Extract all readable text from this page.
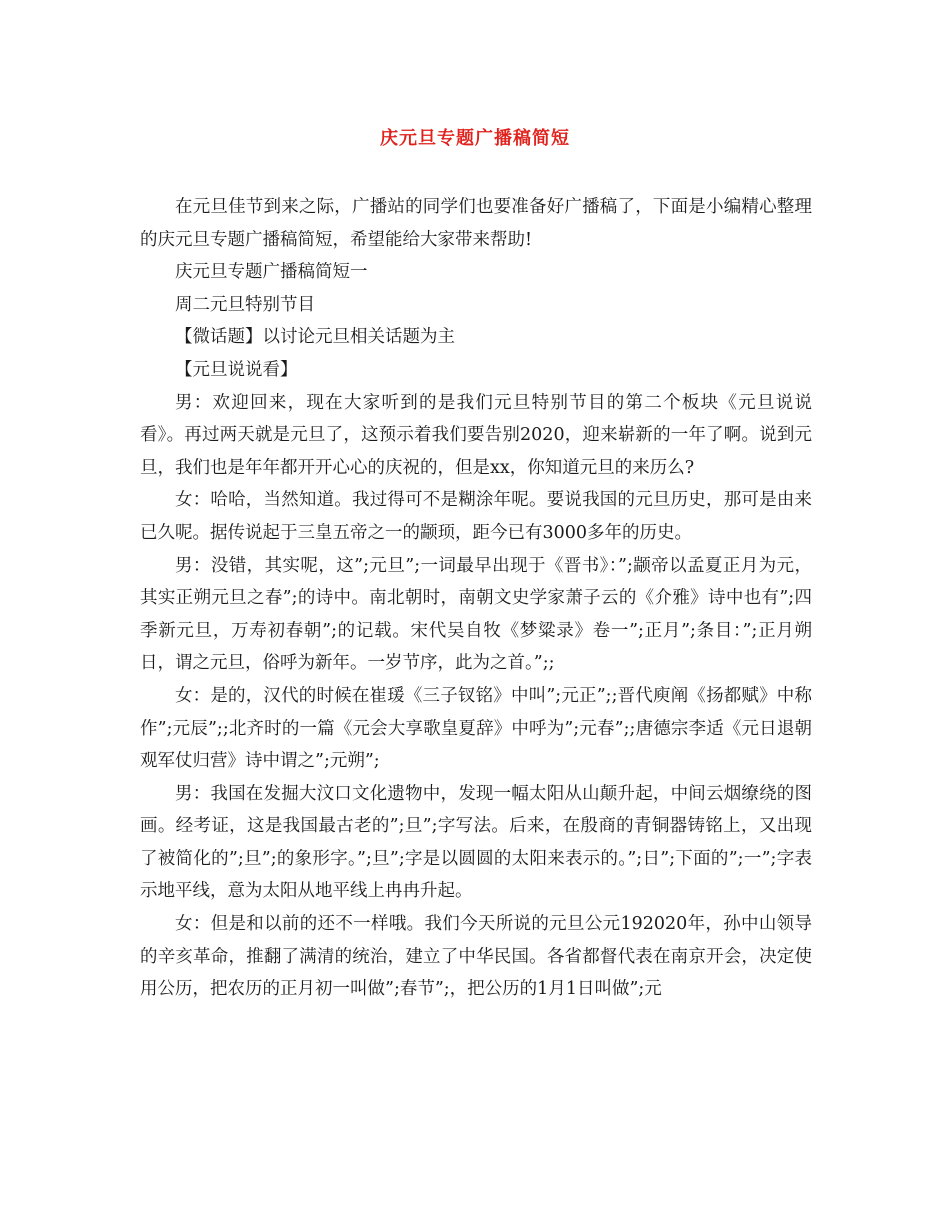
庆元旦专题广播稿简短

在元旦佳节到来之际，广播站的同学们也要准备好广播稿了，下面是小编精心整理的庆元旦专题广播稿简短，希望能给大家带来帮助!

庆元旦专题广播稿简短一

周二元旦特别节目

【微话题】以讨论元旦相关话题为主

【元旦说说看】

男：欢迎回来，现在大家听到的是我们元旦特别节目的第二个板块《元旦说说看》。再过两天就是元旦了，这预示着我们要告别2020，迎来崭新的一年了啊。说到元旦，我们也是年年都开开心心的庆祝的，但是xx，你知道元旦的来历么?

女：哈哈，当然知道。我过得可不是糊涂年呢。要说我国的元旦历史，那可是由来已久呢。据传说起于三皇五帝之一的颛顼，距今已有3000多年的历史。

男：没错，其实呢，这”;元旦”;一词最早出现于《晋书》：”;颛帝以孟夏正月为元，其实正朔元旦之春”;的诗中。南北朝时，南朝文史学家萧子云的《介雅》诗中也有”;四季新元旦，万寿初春朝”;的记载。宋代吴自牧《梦粱录》卷一”;正月”;条目：”;正月朔日，谓之元旦，俗呼为新年。一岁节序，此为之首。”;;

女：是的，汉代的时候在崔瑗《三子钗铭》中叫”;元正”;;晋代庾阐《扬都赋》中称作”;元辰”;;北齐时的一篇《元会大享歌皇夏辞》中呼为”;元春”;;唐德宗李适《元日退朝观军仗归营》诗中谓之”;元朔”;

男：我国在发掘大汶口文化遗物中，发现一幅太阳从山颠升起，中间云烟缭绕的图画。经考证，这是我国最古老的”;旦”;字写法。后来，在殷商的青铜器铸铭上，又出现了被简化的”;旦”;的象形字。”;旦”;字是以圆圆的太阳来表示的。”;日”;下面的”;一”;字表示地平线，意为太阳从地平线上冉冉升起。

女：但是和以前的还不一样哦。我们今天所说的元旦公元192020年，孙中山领导的辛亥革命，推翻了满清的统治，建立了中华民国。各省都督代表在南京开会，决定使用公历，把农历的正月初一叫做”;春节”;，把公历的1月1日叫做”;元
